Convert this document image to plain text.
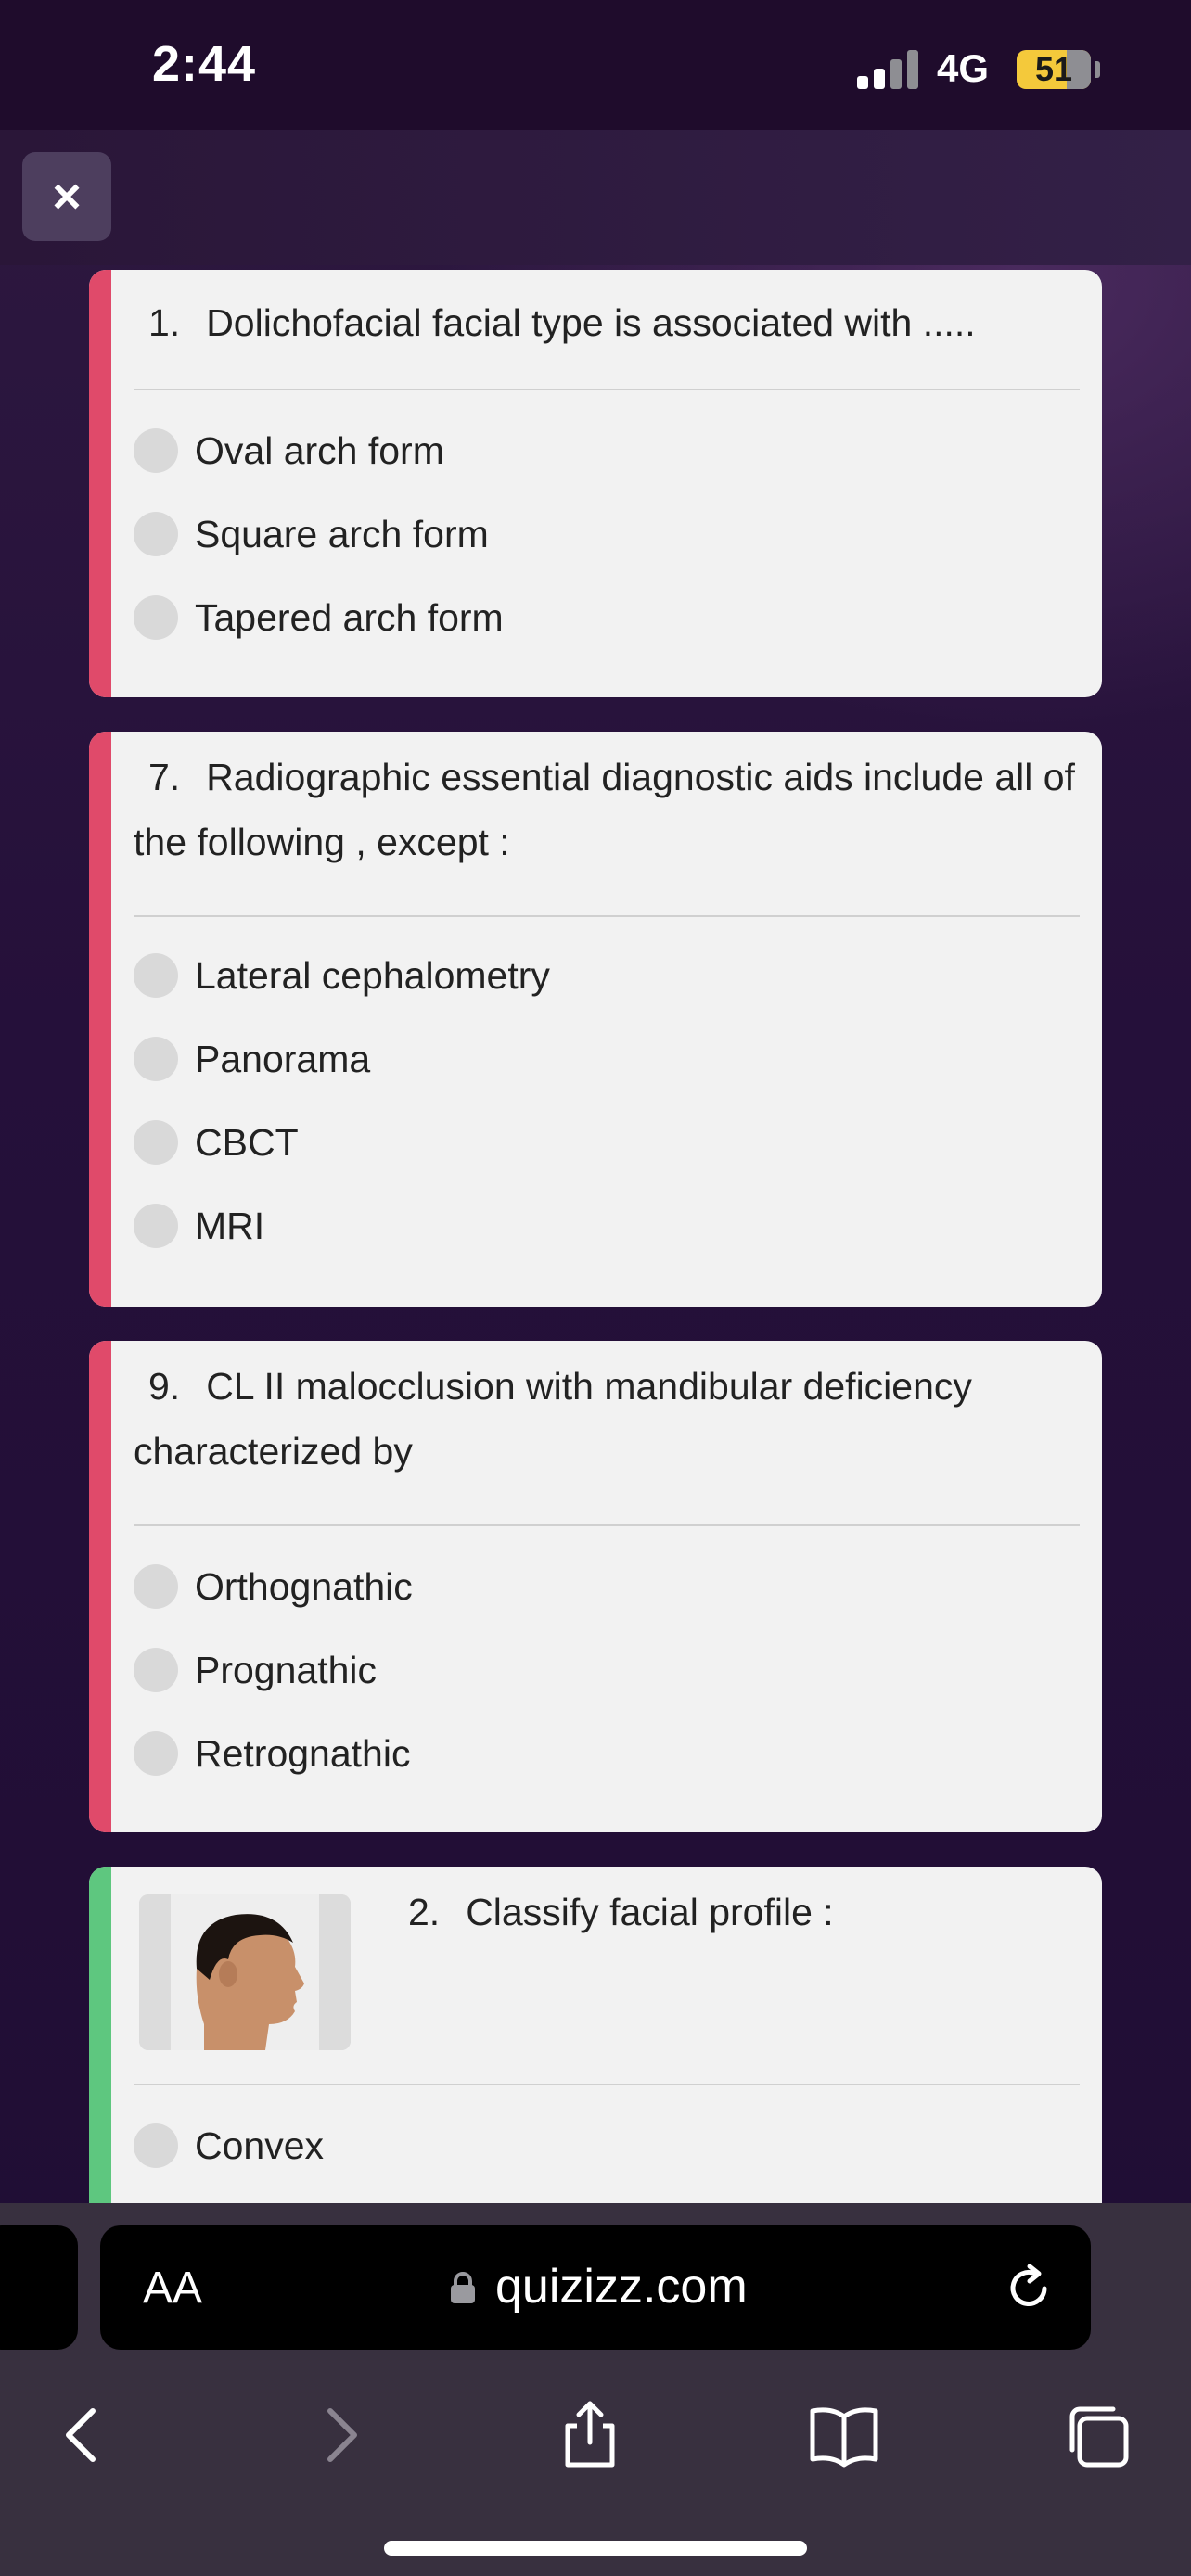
2:44	4G	51
×
1. Dolichofacial facial type is associated with .....
Oval arch form
Square arch form
Tapered arch form
7. Radiographic essential diagnostic aids include all of the following , except :
Lateral cephalometry
Panorama
CBCT
MRI
9. CL II malocclusion with mandibular deficiency characterized by
Orthognathic
Prognathic
Retrognathic
2. Classify facial profile :
Convex
AA	quizizz.com
